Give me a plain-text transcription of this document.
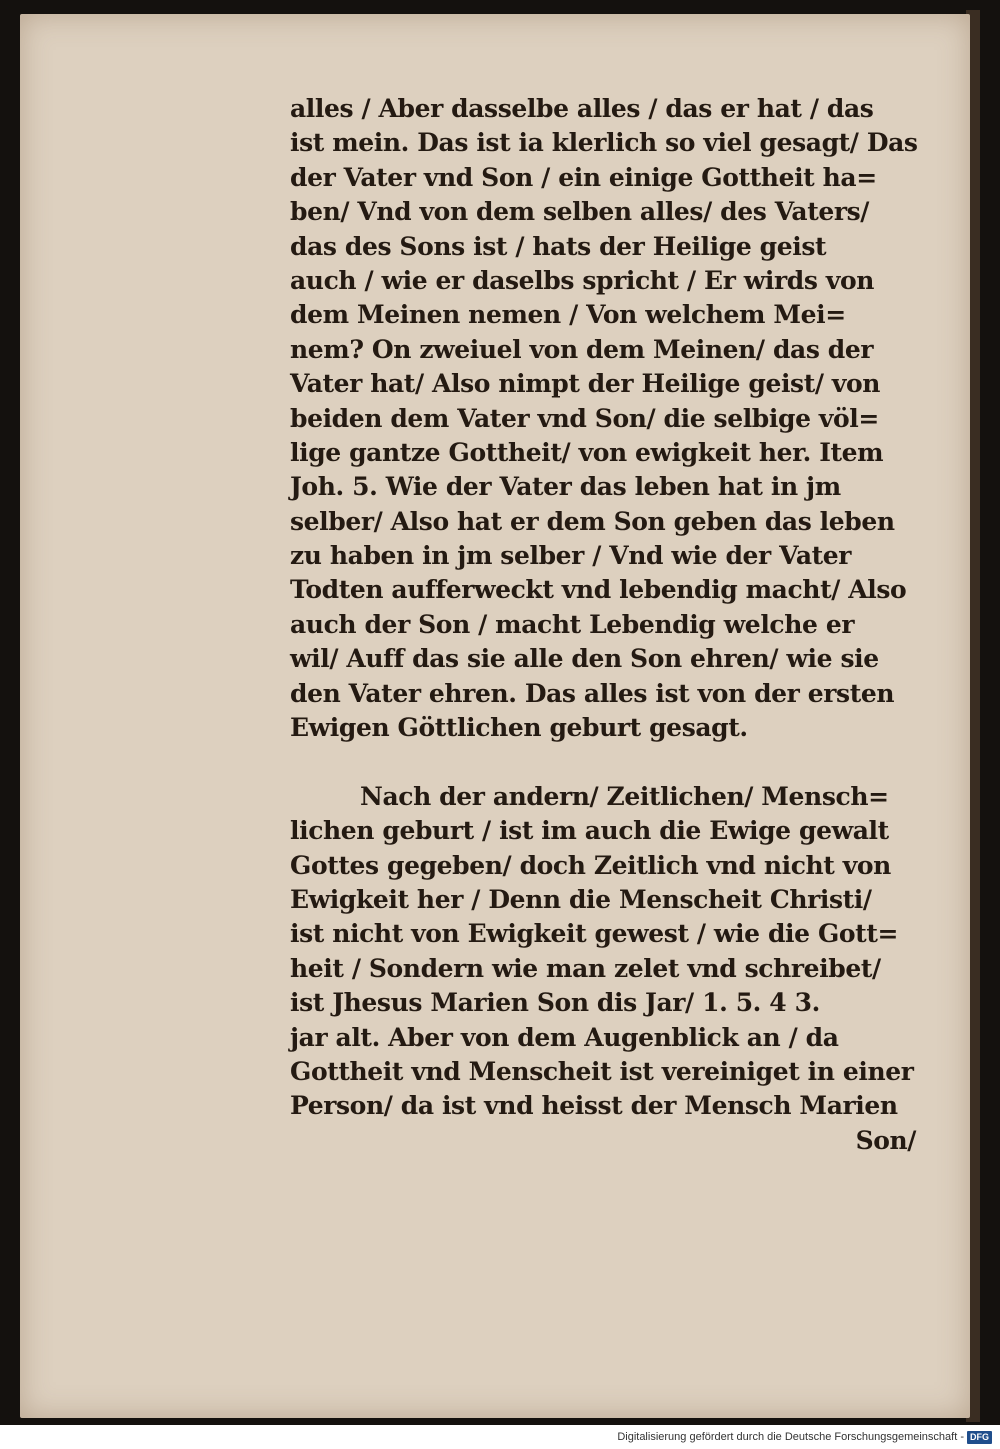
alles / Aber dasselbe alles / das er hat / das
ist mein. Das ist ia klerlich so viel gesagt/ Das
der Vater vnd Son / ein einige Gottheit ha=
ben/ Vnd von dem selben alles/ des Vaters/
das des Sons ist / hats der Heilige geist
auch / wie er daselbs spricht / Er wirds von
dem Meinen nemen / Von welchem Mei=
nem? On zweiuel von dem Meinen/ das der
Vater hat/ Also nimpt der Heilige geist/ von
beiden dem Vater vnd Son/ die selbige völ=
lige gantze Gottheit/ von ewigkeit her. Item
Joh. 5. Wie der Vater das leben hat in jm
selber/ Also hat er dem Son geben das leben
zu haben in jm selber / Vnd wie der Vater
Todten aufferweckt vnd lebendig macht/ Also
auch der Son / macht Lebendig welche er
wil/ Auff das sie alle den Son ehren/ wie sie
den Vater ehren. Das alles ist von der ersten
Ewigen Göttlichen geburt gesagt.
Nach der andern/ Zeitlichen/ Mensch=
lichen geburt / ist im auch die Ewige gewalt
Gottes gegeben/ doch Zeitlich vnd nicht von
Ewigkeit her / Denn die Menscheit Christi/
ist nicht von Ewigkeit gewest / wie die Gott=
heit / Sondern wie man zelet vnd schreibet/
ist Jhesus Marien Son dis Jar/ 1. 5. 4 3.
jar alt. Aber von dem Augenblick an / da
Gottheit vnd Menscheit ist vereiniget in einer
Person/ da ist vnd heisst der Mensch Marien
Son/
Digitalisierung gefördert durch die Deutsche Forschungsgemeinschaft - DFG
